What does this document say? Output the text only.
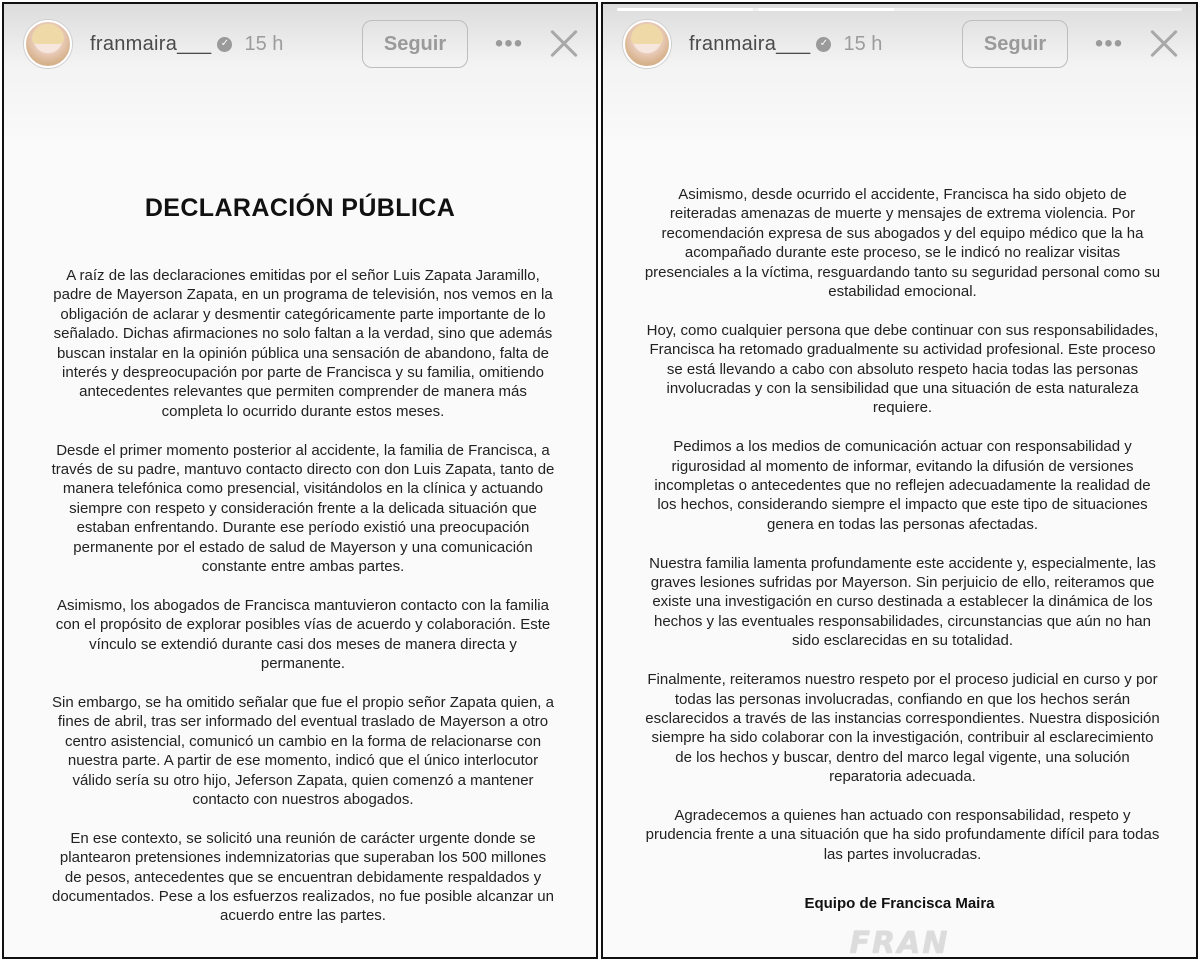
franmaira___ ✓ 15 h	Seguir	•••
DECLARACIÓN PÚBLICA

A raíz de las declaraciones emitidas por el señor Luis Zapata Jaramillo, padre de Mayerson Zapata, en un programa de televisión, nos vemos en la obligación de aclarar y desmentir categóricamente parte importante de lo señalado. Dichas afirmaciones no solo faltan a la verdad, sino que además buscan instalar en la opinión pública una sensación de abandono, falta de interés y despreocupación por parte de Francisca y su familia, omitiendo antecedentes relevantes que permiten comprender de manera más completa lo ocurrido durante estos meses.

Desde el primer momento posterior al accidente, la familia de Francisca, a través de su padre, mantuvo contacto directo con don Luis Zapata, tanto de manera telefónica como presencial, visitándolos en la clínica y actuando siempre con respeto y consideración frente a la delicada situación que estaban enfrentando. Durante ese período existió una preocupación permanente por el estado de salud de Mayerson y una comunicación constante entre ambas partes.

Asimismo, los abogados de Francisca mantuvieron contacto con la familia con el propósito de explorar posibles vías de acuerdo y colaboración. Este vínculo se extendió durante casi dos meses de manera directa y permanente.

Sin embargo, se ha omitido señalar que fue el propio señor Zapata quien, a fines de abril, tras ser informado del eventual traslado de Mayerson a otro centro asistencial, comunicó un cambio en la forma de relacionarse con nuestra parte. A partir de ese momento, indicó que el único interlocutor válido sería su otro hijo, Jeferson Zapata, quien comenzó a mantener contacto con nuestros abogados.

En ese contexto, se solicitó una reunión de carácter urgente donde se plantearon pretensiones indemnizatorias que superaban los 500 millones de pesos, antecedentes que se encuentran debidamente respaldados y documentados. Pese a los esfuerzos realizados, no fue posible alcanzar un acuerdo entre las partes.

franmaira___ ✓ 15 h	Seguir	•••

Asimismo, desde ocurrido el accidente, Francisca ha sido objeto de reiteradas amenazas de muerte y mensajes de extrema violencia. Por recomendación expresa de sus abogados y del equipo médico que la ha acompañado durante este proceso, se le indicó no realizar visitas presenciales a la víctima, resguardando tanto su seguridad personal como su estabilidad emocional.

Hoy, como cualquier persona que debe continuar con sus responsabilidades, Francisca ha retomado gradualmente su actividad profesional. Este proceso se está llevando a cabo con absoluto respeto hacia todas las personas involucradas y con la sensibilidad que una situación de esta naturaleza requiere.

Pedimos a los medios de comunicación actuar con responsabilidad y rigurosidad al momento de informar, evitando la difusión de versiones incompletas o antecedentes que no reflejen adecuadamente la realidad de los hechos, considerando siempre el impacto que este tipo de situaciones genera en todas las personas afectadas.

Nuestra familia lamenta profundamente este accidente y, especialmente, las graves lesiones sufridas por Mayerson. Sin perjuicio de ello, reiteramos que existe una investigación en curso destinada a establecer la dinámica de los hechos y las eventuales responsabilidades, circunstancias que aún no han sido esclarecidas en su totalidad.

Finalmente, reiteramos nuestro respeto por el proceso judicial en curso y por todas las personas involucradas, confiando en que los hechos serán esclarecidos a través de las instancias correspondientes. Nuestra disposición siempre ha sido colaborar con la investigación, contribuir al esclarecimiento de los hechos y buscar, dentro del marco legal vigente, una solución reparatoria adecuada.

Agradecemos a quienes han actuado con responsabilidad, respeto y prudencia frente a una situación que ha sido profundamente difícil para todas las partes involucradas.

Equipo de Francisca Maira
FRAN
